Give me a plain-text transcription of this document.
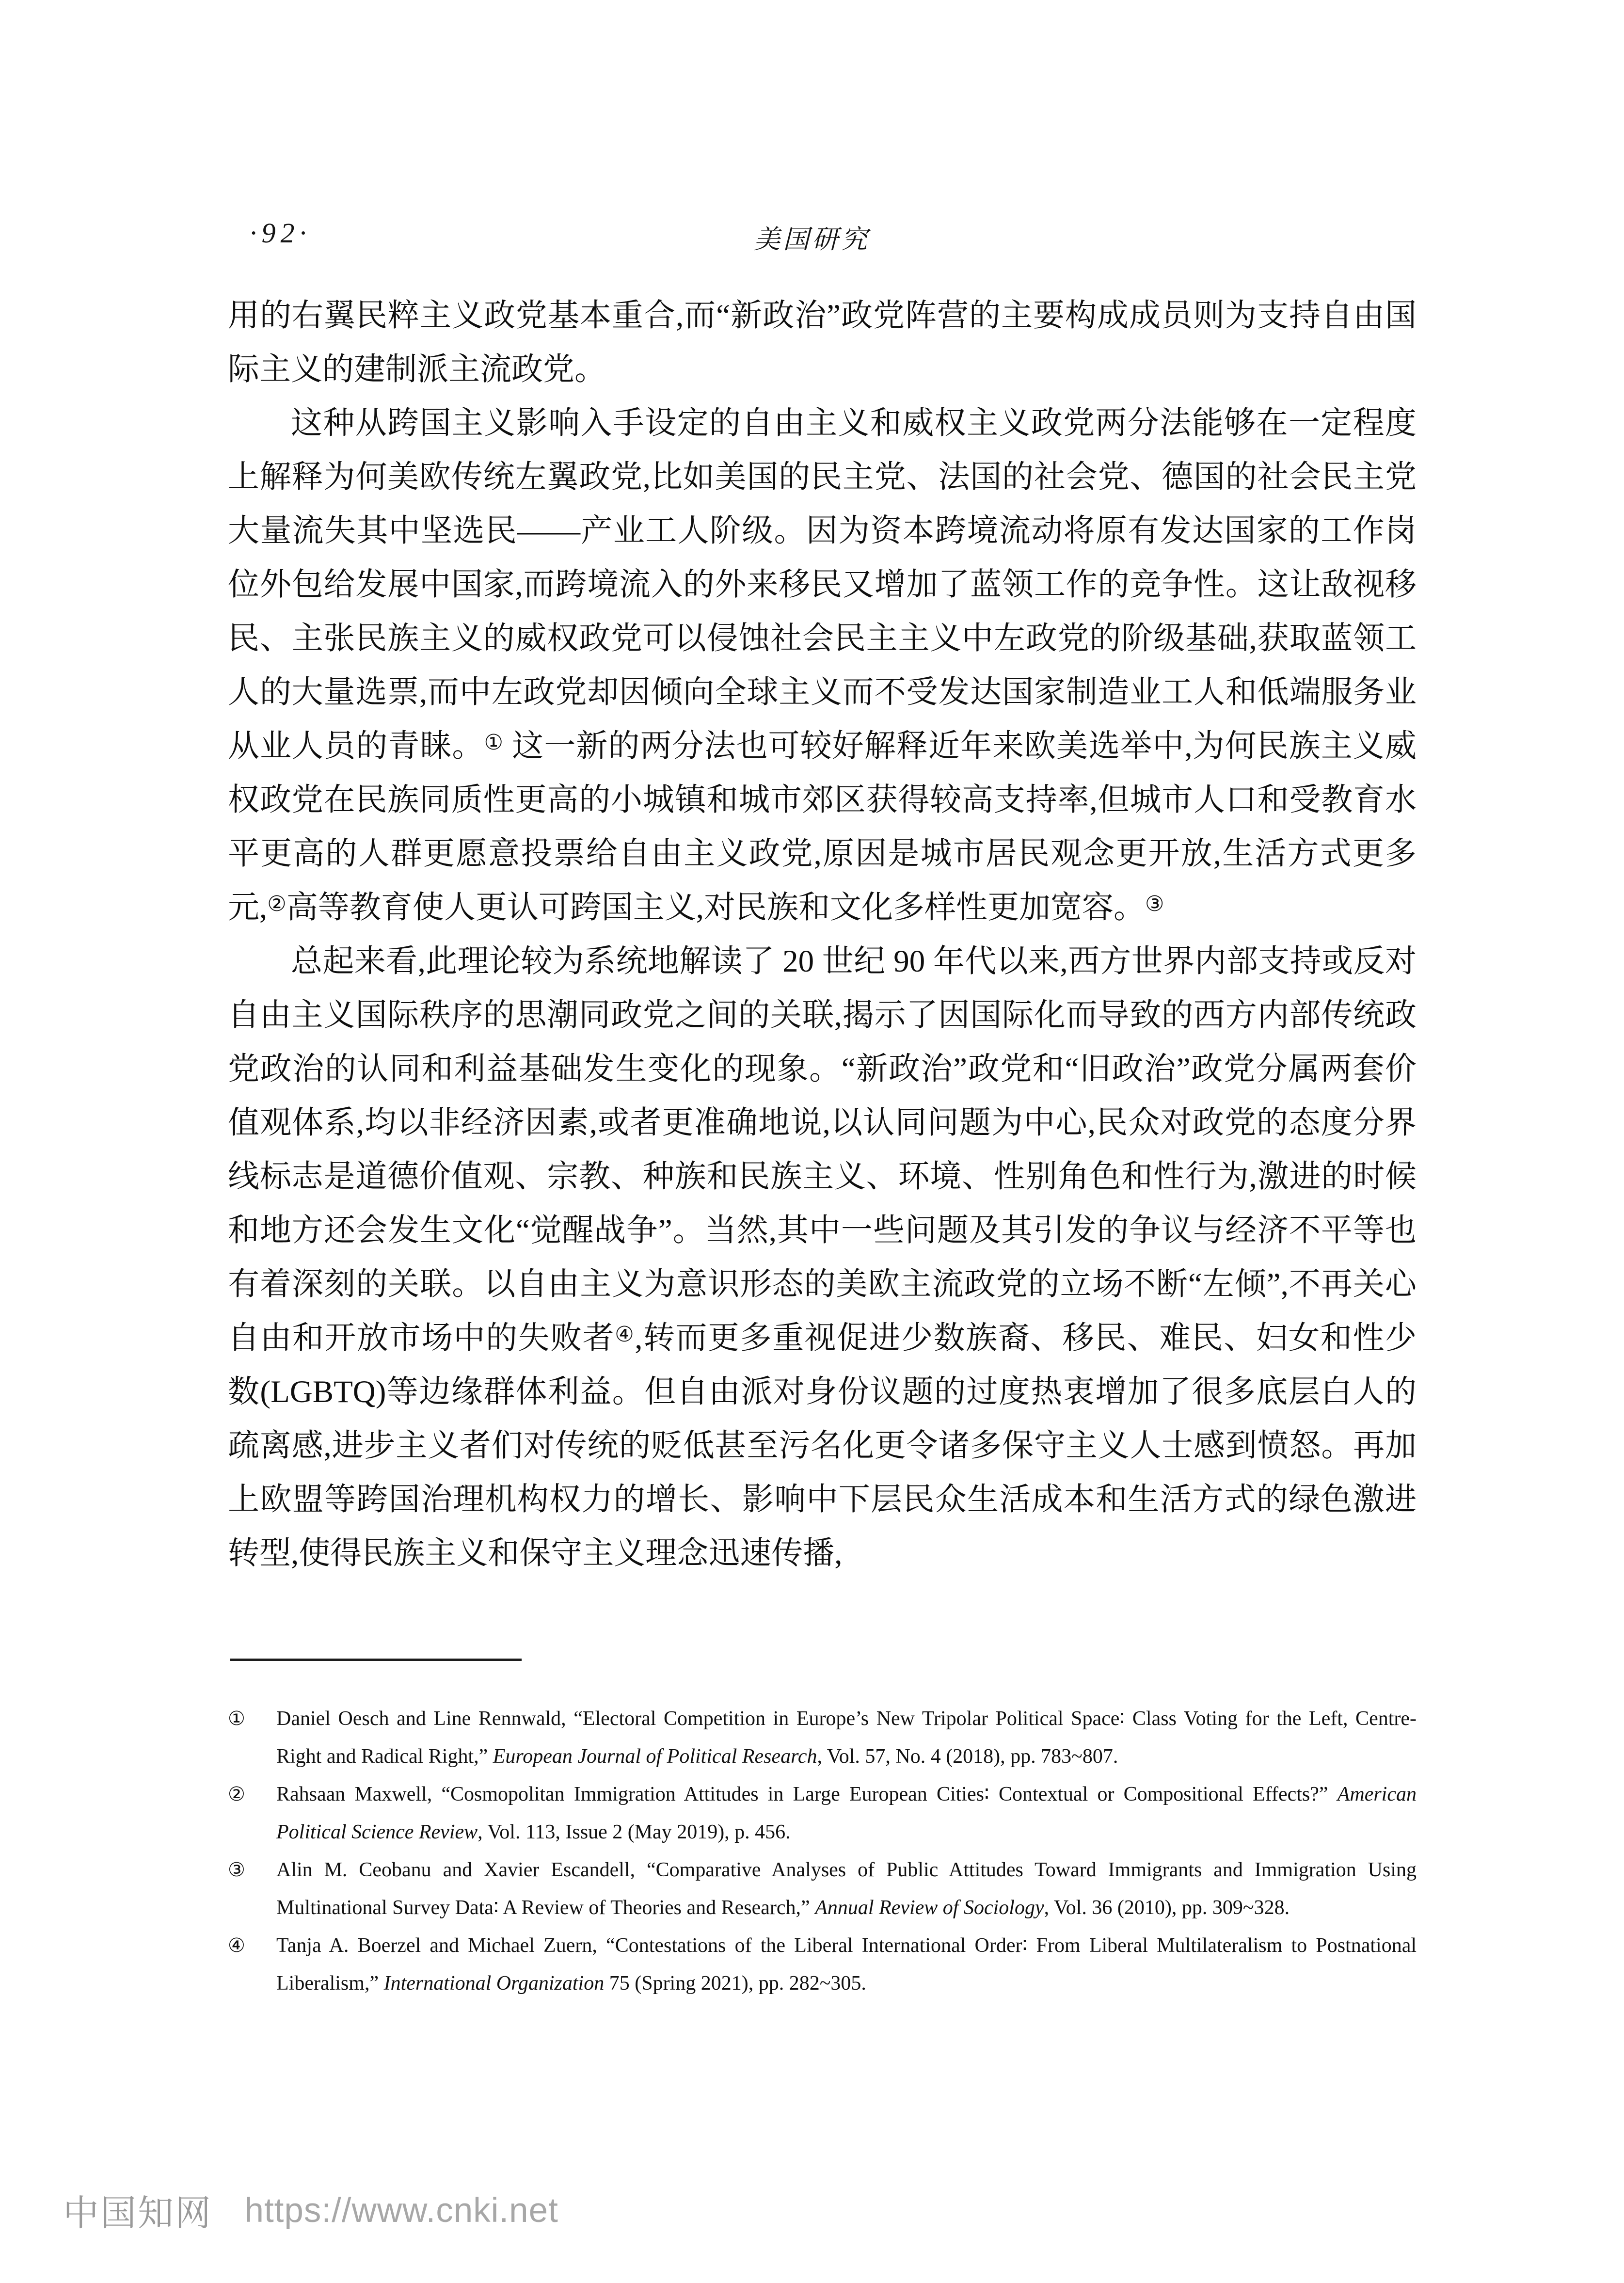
·92·	美国研究

用的右翼民粹主义政党基本重合,而“新政治”政党阵营的主要构成成员则为支持自由国际主义的建制派主流政党。

这种从跨国主义影响入手设定的自由主义和威权主义政党两分法能够在一定程度上解释为何美欧传统左翼政党,比如美国的民主党、法国的社会党、德国的社会民主党大量流失其中坚选民——产业工人阶级。因为资本跨境流动将原有发达国家的工作岗位外包给发展中国家,而跨境流入的外来移民又增加了蓝领工作的竞争性。这让敌视移民、主张民族主义的威权政党可以侵蚀社会民主主义中左政党的阶级基础,获取蓝领工人的大量选票,而中左政党却因倾向全球主义而不受发达国家制造业工人和低端服务业从业人员的青睐。① 这一新的两分法也可较好解释近年来欧美选举中,为何民族主义威权政党在民族同质性更高的小城镇和城市郊区获得较高支持率,但城市人口和受教育水平更高的人群更愿意投票给自由主义政党,原因是城市居民观念更开放,生活方式更多元,②高等教育使人更认可跨国主义,对民族和文化多样性更加宽容。③

总起来看,此理论较为系统地解读了 20 世纪 90 年代以来,西方世界内部支持或反对自由主义国际秩序的思潮同政党之间的关联,揭示了因国际化而导致的西方内部传统政党政治的认同和利益基础发生变化的现象。“新政治”政党和“旧政治”政党分属两套价值观体系,均以非经济因素,或者更准确地说,以认同问题为中心,民众对政党的态度分界线标志是道德价值观、宗教、种族和民族主义、环境、性别角色和性行为,激进的时候和地方还会发生文化“觉醒战争”。当然,其中一些问题及其引发的争议与经济不平等也有着深刻的关联。以自由主义为意识形态的美欧主流政党的立场不断“左倾”,不再关心自由和开放市场中的失败者④,转而更多重视促进少数族裔、移民、难民、妇女和性少数(LGBTQ)等边缘群体利益。但自由派对身份议题的过度热衷增加了很多底层白人的疏离感,进步主义者们对传统的贬低甚至污名化更令诸多保守主义人士感到愤怒。再加上欧盟等跨国治理机构权力的增长、影响中下层民众生活成本和生活方式的绿色激进转型,使得民族主义和保守主义理念迅速传播,

① Daniel Oesch and Line Rennwald, “Electoral Competition in Europe’s New Tripolar Political Space∶ Class Voting for the Left, Centre-Right and Radical Right,” European Journal of Political Research, Vol. 57, No. 4 (2018), pp. 783~807.
② Rahsaan Maxwell, “Cosmopolitan Immigration Attitudes in Large European Cities∶ Contextual or Compositional Effects?” American Political Science Review, Vol. 113, Issue 2 (May 2019), p. 456.
③ Alin M. Ceobanu and Xavier Escandell, “Comparative Analyses of Public Attitudes Toward Immigrants and Immigration Using Multinational Survey Data∶ A Review of Theories and Research,” Annual Review of Sociology, Vol. 36 (2010), pp. 309~328.
④ Tanja A. Boerzel and Michael Zuern, “Contestations of the Liberal International Order∶ From Liberal Multilateralism to Postnational Liberalism,” International Organization 75 (Spring 2021), pp. 282~305.
中国知网 https://www.cnki.net
